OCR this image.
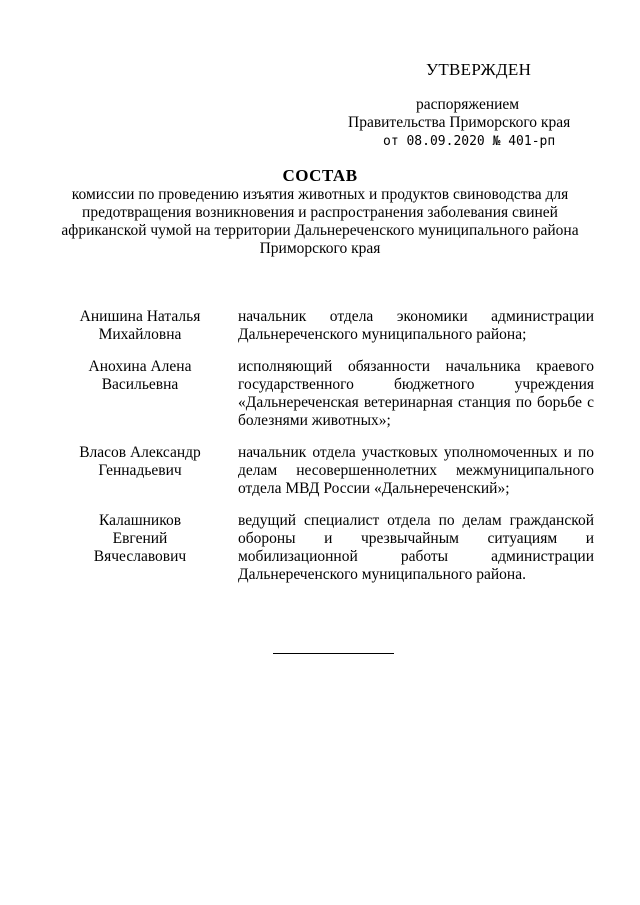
УТВЕРЖДЕН
распоряжением
Правительства Приморского края
от 08.09.2020 № 401-рп
СОСТАВ
комиссии по проведению изъятия животных и продуктов свиноводства для предотвращения возникновения и распространения заболевания свиней африканской чумой на территории Дальнереченского муниципального района Приморского края
Анишина Наталья Михайловна
начальник отдела экономики администрации Дальнереченского муниципального района;
Анохина Алена Васильевна
исполняющий обязанности начальника краевого государственного бюджетного учреждения «Дальнереченская ветеринарная станция по борьбе с болезнями животных»;
Власов Александр Геннадьевич
начальник отдела участковых уполномоченных и по делам несовершеннолетних межмуниципального отдела МВД России «Дальнереченский»;
Калашников Евгений Вячеславович
ведущий специалист отдела по делам гражданской обороны и чрезвычайным ситуациям и мобилизационной работы администрации Дальнереченского муниципального района.
